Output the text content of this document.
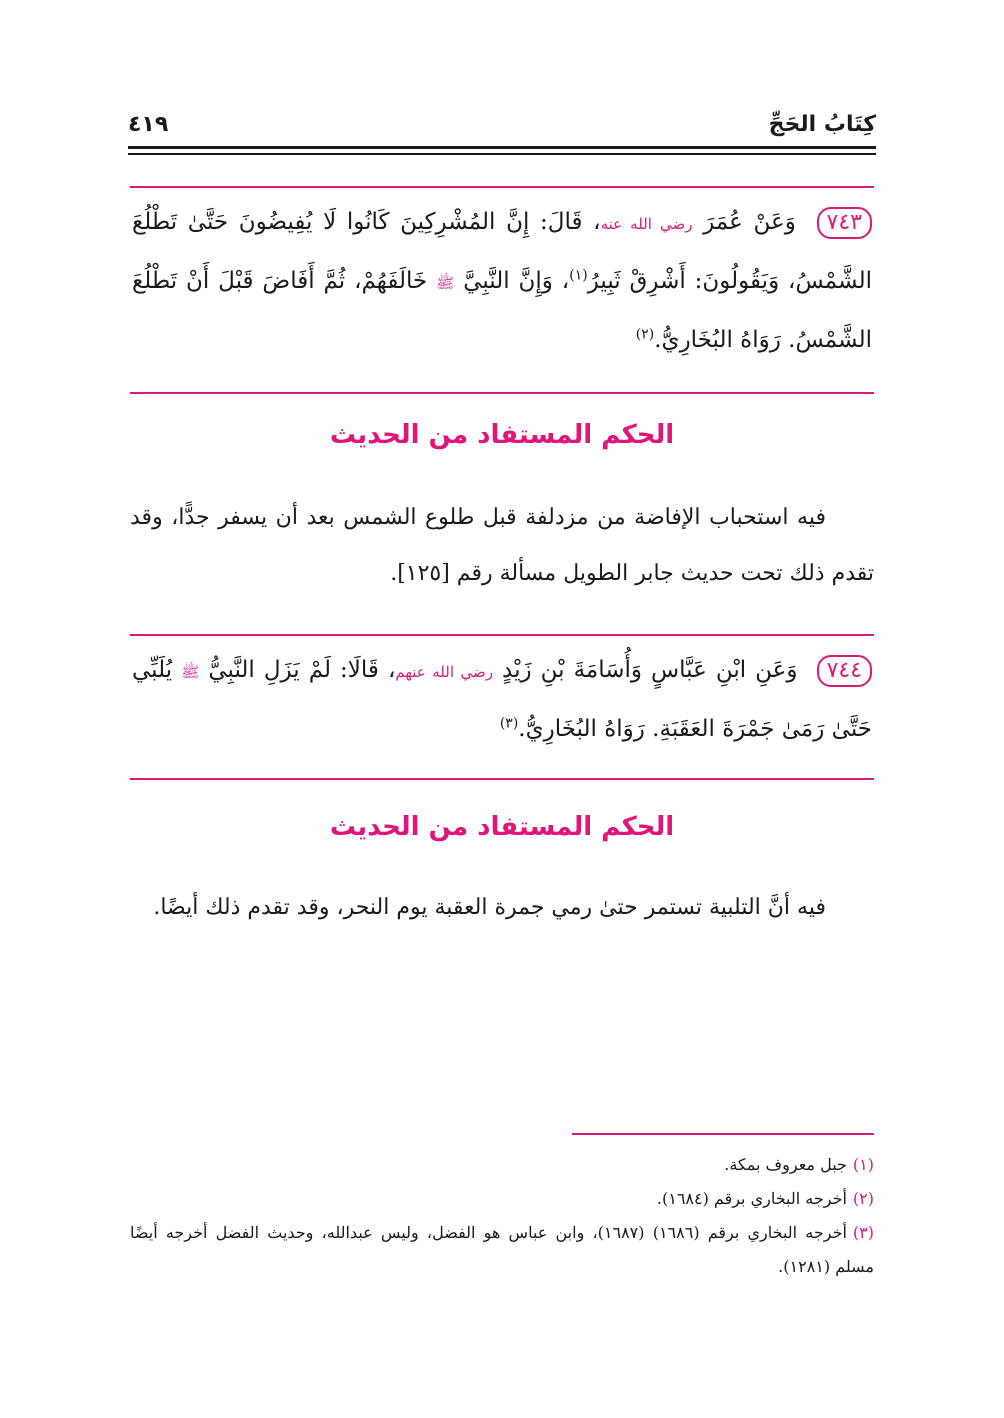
كِتَابُ الحَجِّ
٤١٩
٧٤٣ وَعَنْ عُمَرَ رضي الله عنه، قَالَ: إِنَّ المُشْرِكِينَ كَانُوا لَا يُفِيضُونَ حَتَّىٰ تَطْلُعَ الشَّمْسُ، وَيَقُولُونَ: أَشْرِقْ ثَبِيرُ$^{(١)}$، وَإِنَّ النَّبِيَّ ﷺ خَالَفَهُمْ، ثُمَّ أَفَاضَ قَبْلَ أَنْ تَطْلُعَ الشَّمْسُ. رَوَاهُ البُخَارِيُّ.$^{(٢)}$
الحكم المستفاد من الحديث
فيه استحباب الإفاضة من مزدلفة قبل طلوع الشمس بعد أن يسفر جدًّا، وقد تقدم ذلك تحت حديث جابر الطويل مسألة رقم [١٢٥].
٧٤٤ وَعَنِ ابْنِ عَبَّاسٍ وَأُسَامَةَ بْنِ زَيْدٍ رضي الله عنهم، قَالَا: لَمْ يَزَلِ النَّبِيُّ ﷺ يُلَبِّي حَتَّىٰ رَمَىٰ جَمْرَةَ العَقَبَةِ. رَوَاهُ البُخَارِيُّ.$^{(٣)}$
الحكم المستفاد من الحديث
فيه أنَّ التلبية تستمر حتىٰ رمي جمرة العقبة يوم النحر، وقد تقدم ذلك أيضًا.

(١)جبل معروف بمكة.

(٢)أخرجه البخاري برقم (١٦٨٤).

(٣)أخرجه البخاري برقم (١٦٨٦) (١٦٨٧)، وابن عباس هو الفضل، وليس عبدالله، وحديث الفضل أخرجه أيضًا مسلم (١٢٨١).
